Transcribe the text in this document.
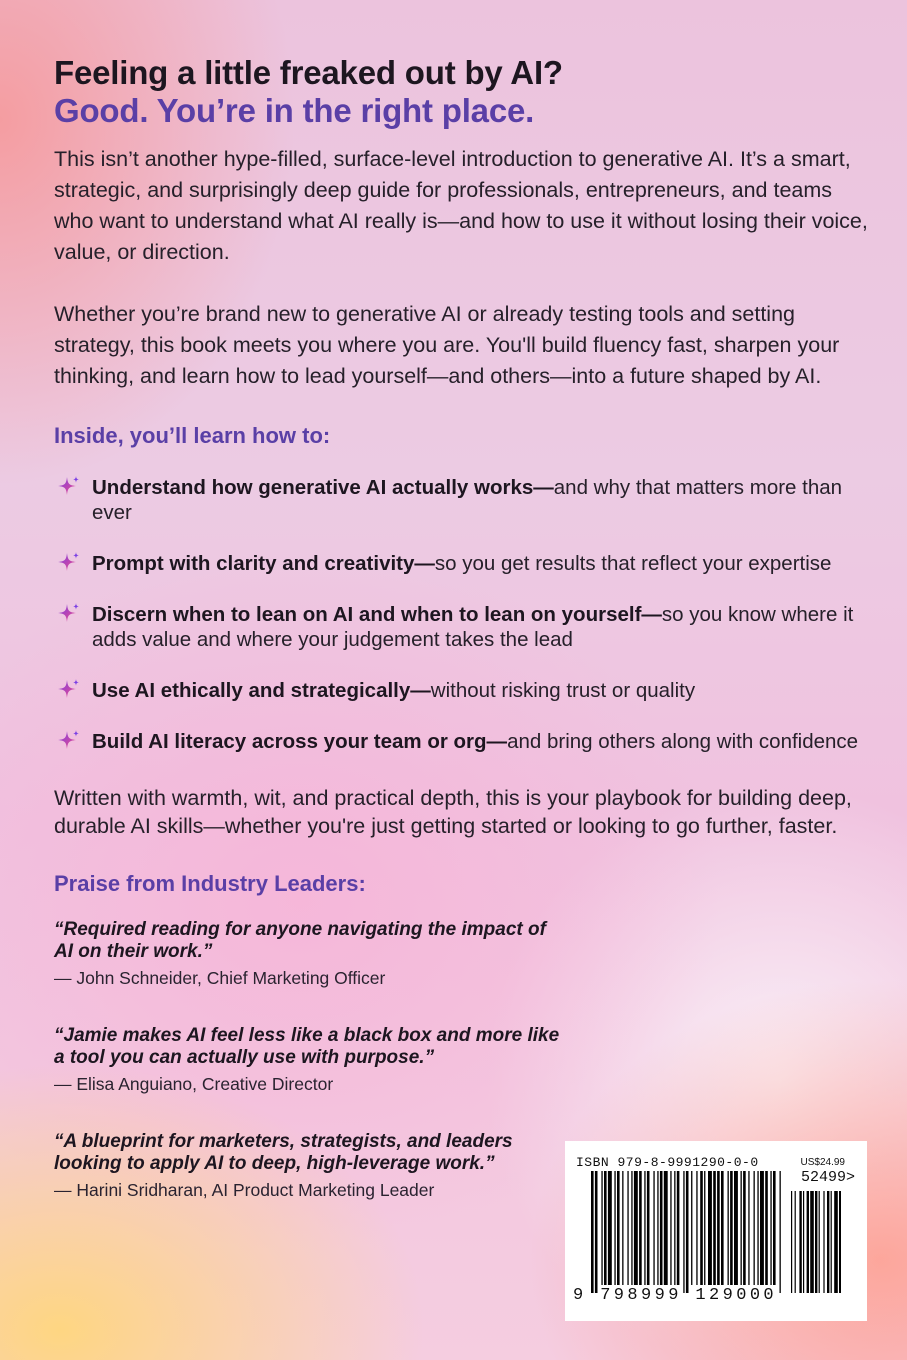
Feeling a little freaked out by AI?
Good. You’re in the right place.

This isn’t another hype-filled, surface-level introduction to generative AI. It’s a smart, strategic, and surprisingly deep guide for professionals, entrepreneurs, and teams who want to understand what AI really is—and how to use it without losing their voice, value, or direction.

Whether you’re brand new to generative AI or already testing tools and setting strategy, this book meets you where you are. You'll build fluency fast, sharpen your thinking, and learn how to lead yourself—and others—into a future shaped by AI.

Inside, you’ll learn how to:
Understand how generative AI actually works—and why that matters more than ever
Prompt with clarity and creativity—so you get results that reflect your expertise
Discern when to lean on AI and when to lean on yourself—so you know where it adds value and where your judgement takes the lead
Use AI ethically and strategically—without risking trust or quality
Build AI literacy across your team or org—and bring others along with confidence

Written with warmth, wit, and practical depth, this is your playbook for building deep, durable AI skills—whether you're just getting started or looking to go further, faster.

Praise from Industry Leaders:
“Required reading for anyone navigating the impact of AI on their work.”
— John Schneider, Chief Marketing Officer
“Jamie makes AI feel less like a black box and more like a tool you can actually use with purpose.”
— Elisa Anguiano, Creative Director
“A blueprint for marketers, strategists, and leaders looking to apply AI to deep, high-leverage work.”
— Harini Sridharan, AI Product Marketing Leader
ISBN 979-8-9991290-0-0	US$24.99
52499>
9 798999 129000
